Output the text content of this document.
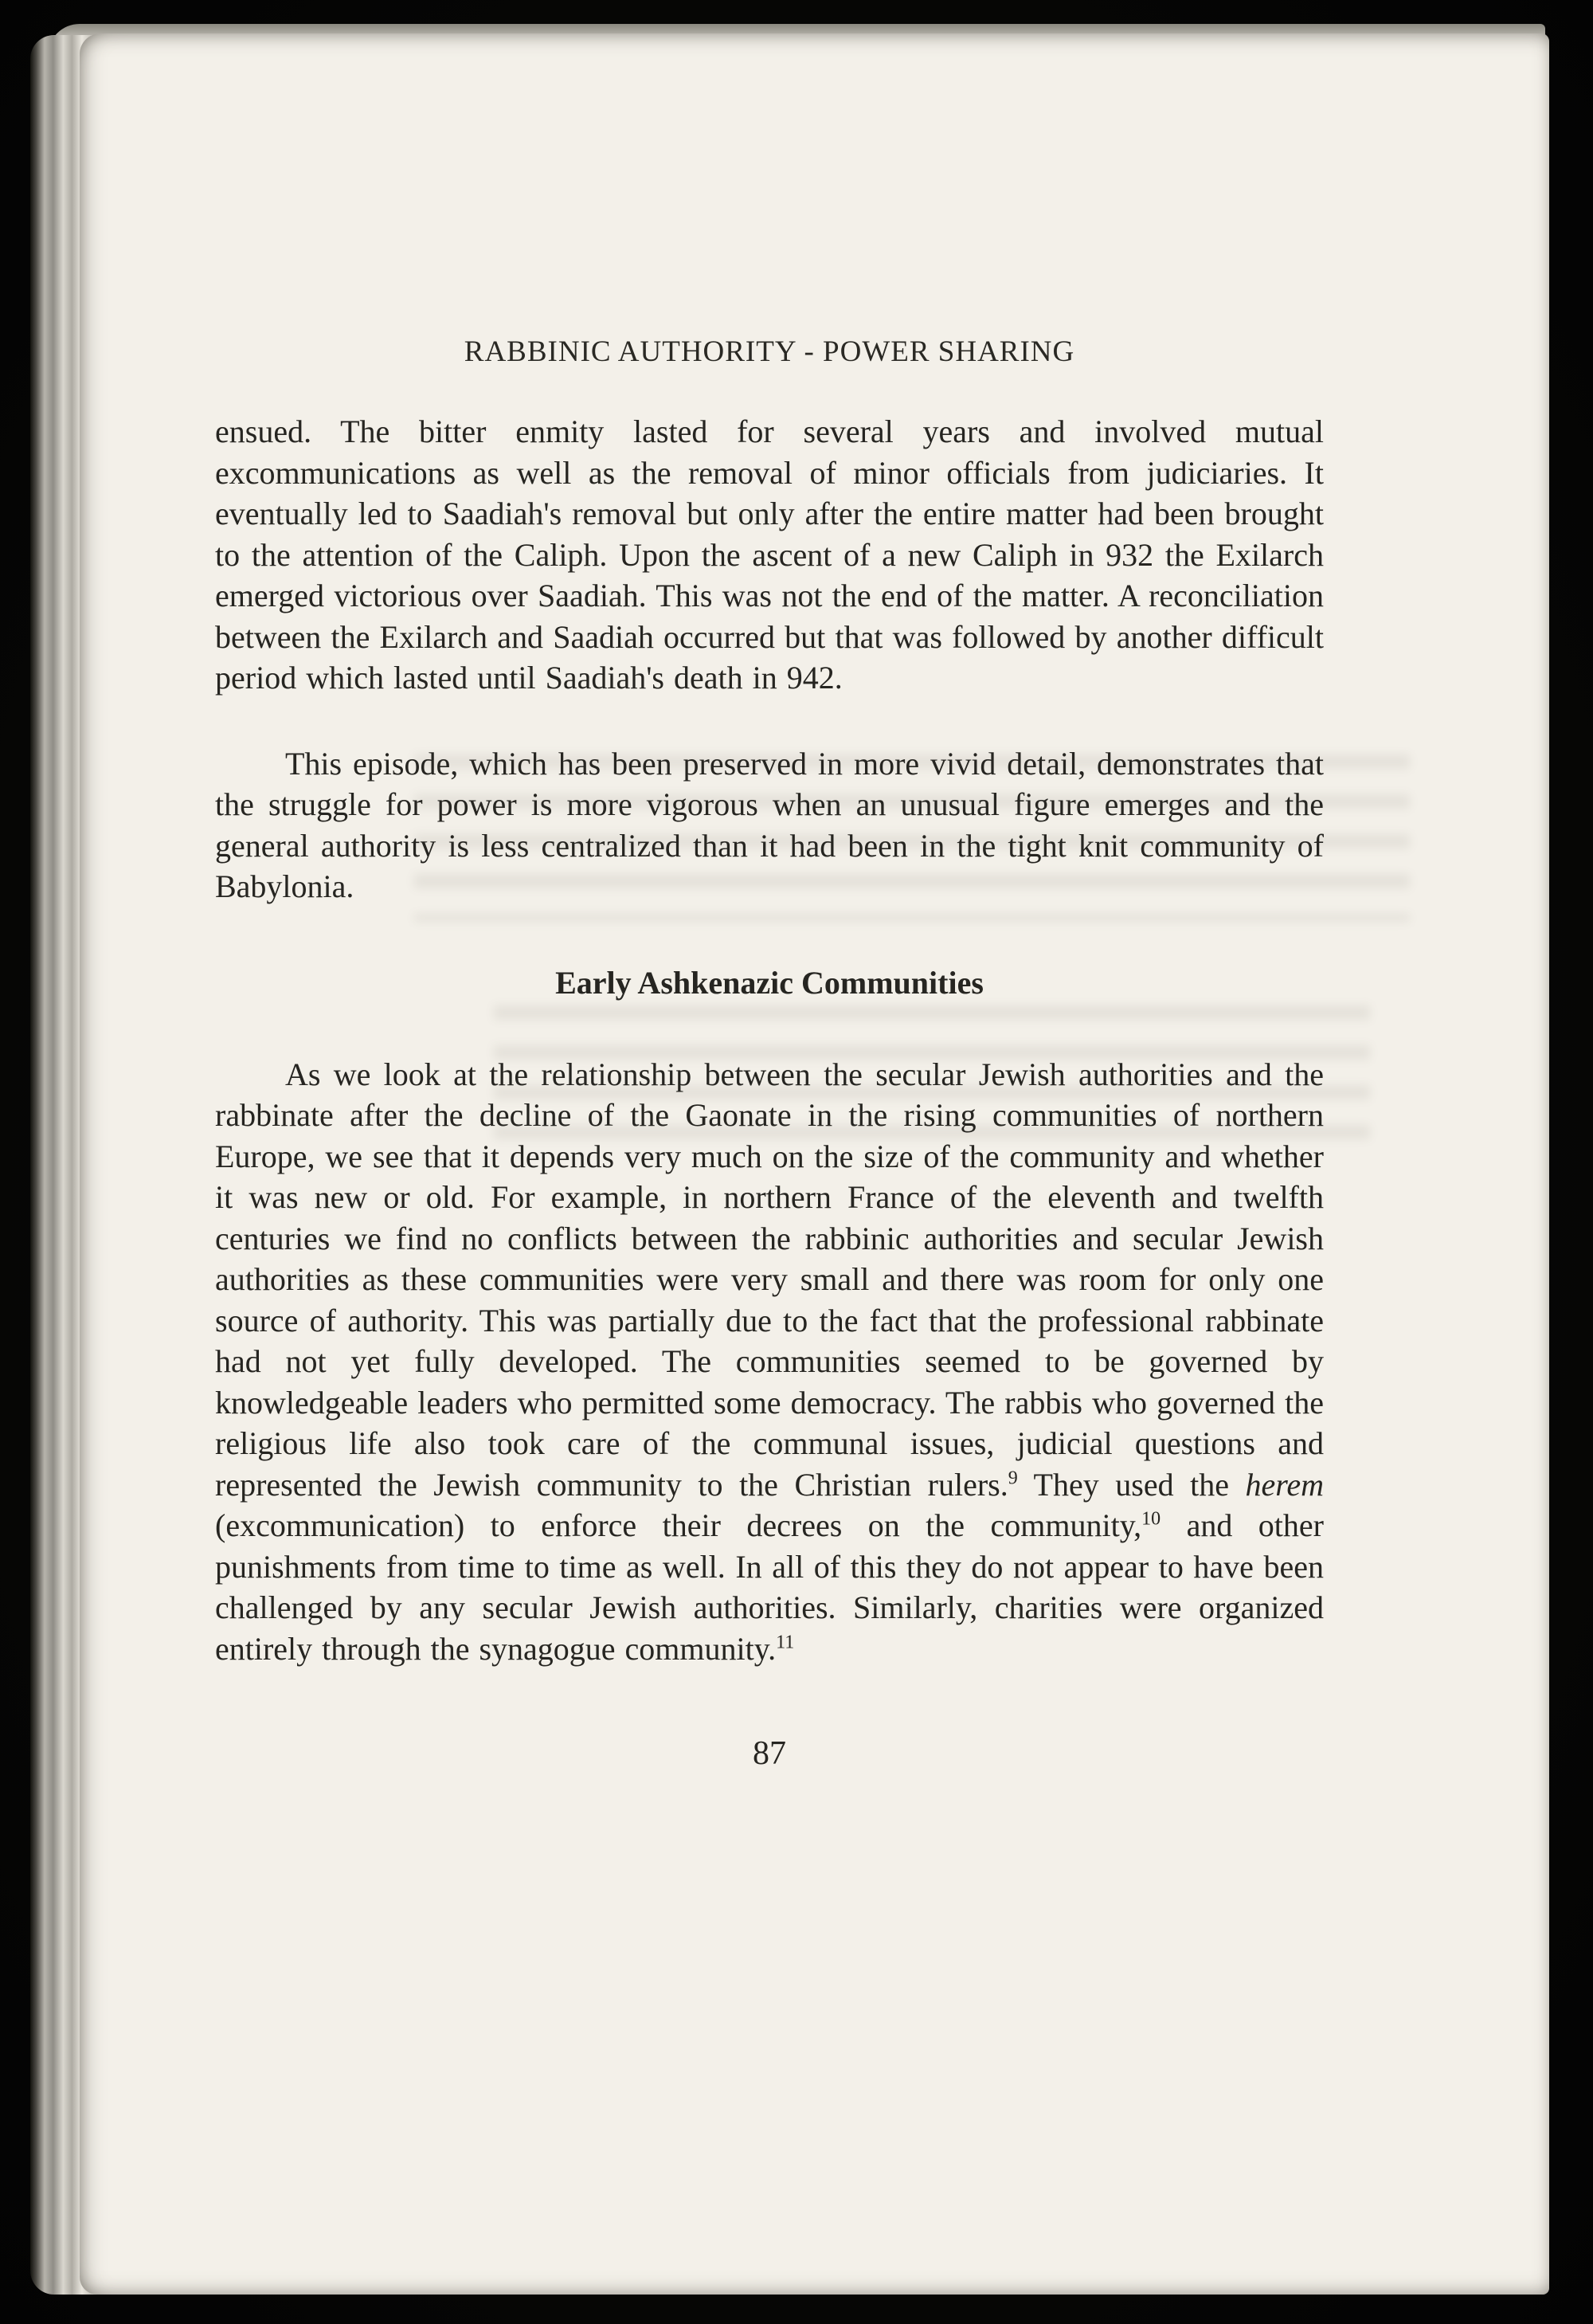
RABBINIC AUTHORITY - POWER SHARING

ensued. The bitter enmity lasted for several years and involved mutual excommunications as well as the removal of minor officials from judiciaries. It eventually led to Saadiah's removal but only after the entire matter had been brought to the attention of the Caliph. Upon the ascent of a new Caliph in 932 the Exilarch emerged victorious over Saadiah. This was not the end of the matter. A reconciliation between the Exilarch and Saadiah occurred but that was followed by another difficult period which lasted until Saadiah's death in 942.

This episode, which has been preserved in more vivid detail, demonstrates that the struggle for power is more vigorous when an unusual figure emerges and the general authority is less centralized than it had been in the tight knit community of Babylonia.

Early Ashkenazic Communities

As we look at the relationship between the secular Jewish authorities and the rabbinate after the decline of the Gaonate in the rising communities of northern Europe, we see that it depends very much on the size of the community and whether it was new or old. For example, in northern France of the eleventh and twelfth centuries we find no conflicts between the rabbinic authorities and secular Jewish authorities as these communities were very small and there was room for only one source of authority. This was partially due to the fact that the professional rabbinate had not yet fully developed. The communities seemed to be governed by knowledgeable leaders who permitted some democracy. The rabbis who governed the religious life also took care of the communal issues, judicial questions and represented the Jewish community to the Christian rulers.$^9$ They used the herem (excommunication) to enforce their decrees on the community,$^{10}$ and other punishments from time to time as well. In all of this they do not appear to have been challenged by any secular Jewish authorities. Similarly, charities were organized entirely through the synagogue community.$^{11}$

87
